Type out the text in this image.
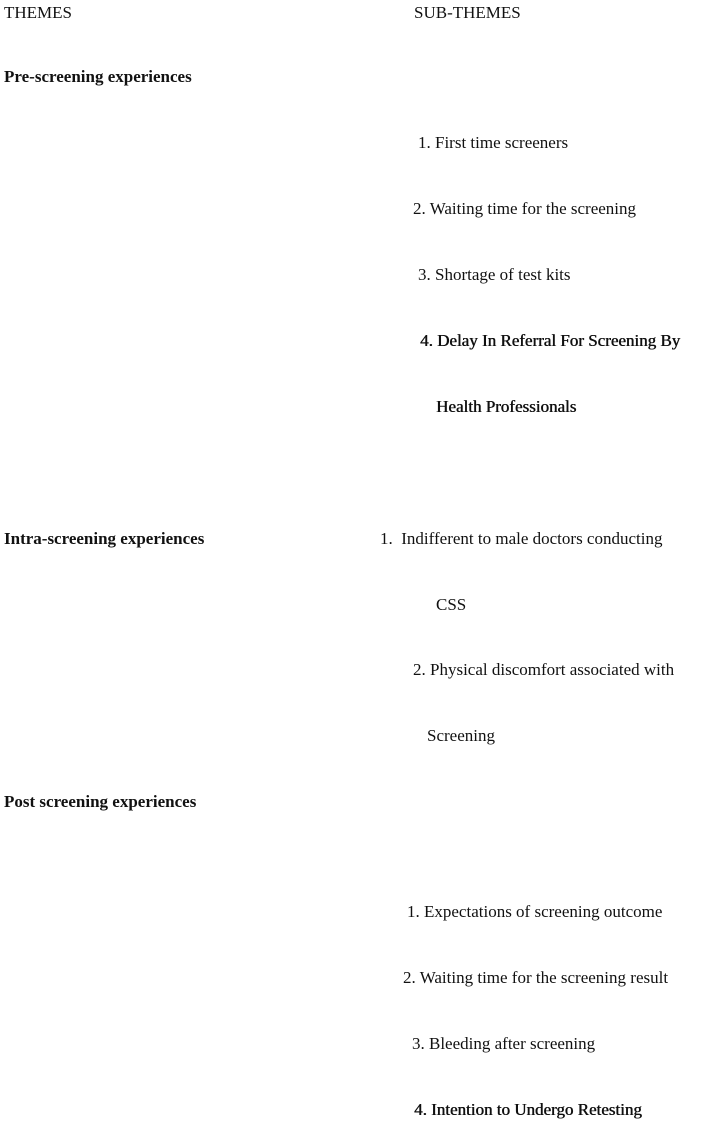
THEMES	SUB-THEMES
Pre-screening experiences
1. First time screeners
2. Waiting time for the screening
3. Shortage of test kits
4. Delay In Referral For Screening By
Health Professionals
Intra-screening experiences	1.  Indifferent to male doctors conducting
CSS
2. Physical discomfort associated with
Screening
Post screening experiences
1. Expectations of screening outcome
2. Waiting time for the screening result
3. Bleeding after screening
4. Intention to Undergo Retesting
